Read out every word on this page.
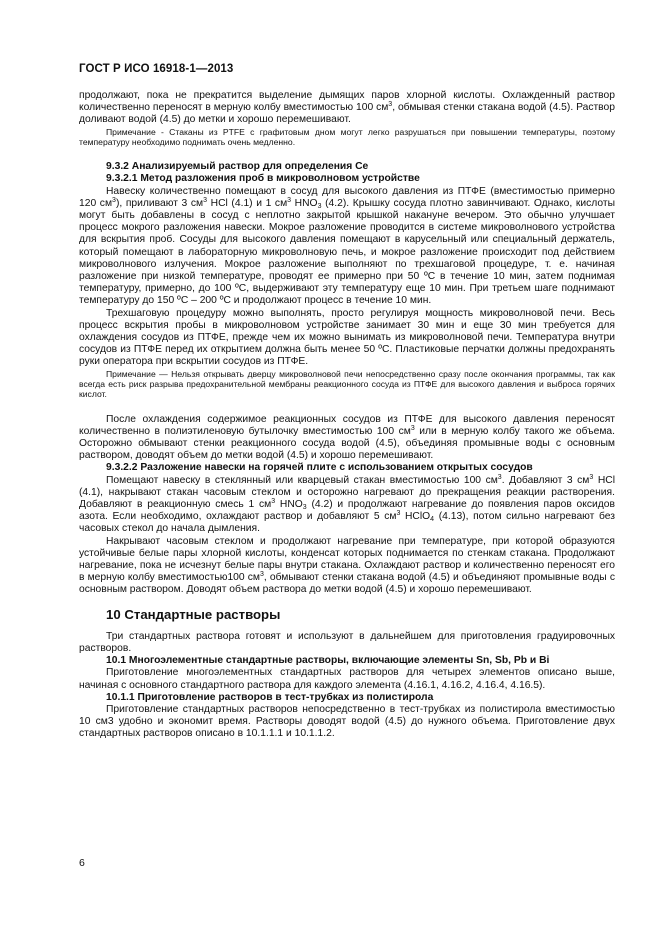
ГОСТ Р ИСО 16918-1—2013

продолжают, пока не прекратится выделение дымящих паров хлорной кислоты. Охлажденный раствор количественно переносят в мерную колбу вместимостью 100 $см^3$, обмывая стенки стакана водой (4.5). Раствор доливают водой (4.5) до метки и хорошо перемешивают.

Примечание - Стаканы из PTFE с графитовым дном могут легко разрушаться при повышении температуры, поэтому температуру необходимо поднимать очень медленно.

9.3.2 Анализируемый раствор для определения Се

9.3.2.1 Метод разложения проб в микроволновом устройстве

Навеску количественно помещают в сосуд для высокого давления из ПТФЕ (вместимостью примерно 120 $см^3$), приливают 3 $см^3$ НCl (4.1) и 1 $см^3$ $HNO_3$ (4.2). Крышку сосуда плотно завинчивают. Однако, кислоты могут быть добавлены в сосуд с неплотно закрытой крышкой накануне вечером. Это обычно улучшает процесс мокрого разложения навески. Мокрое разложение проводится в системе микроволнового устройства для вскрытия проб. Сосуды для высокого давления помещают в карусельный или специальный держатель, который помещают в лабораторную микроволновую печь, и мокрое разложение происходит под действием микроволнового излучения. Мокрое разложение выполняют по трехшаговой процедуре, т. е. начиная разложение при низкой температуре, проводят ее примерно при 50 ºС в течение 10 мин, затем поднимая температуру, примерно, до 100 ºС, выдерживают эту температуру еще 10 мин. При третьем шаге поднимают температуру до 150 ºС – 200 ºС и продолжают процесс в течение 10 мин.

Трехшаговую процедуру можно выполнять, просто регулируя мощность микроволновой печи. Весь процесс вскрытия пробы в микроволновом устройстве занимает 30 мин и еще 30 мин требуется для охлаждения сосудов из ПТФЕ, прежде чем их можно вынимать из микроволновой печи. Температура внутри сосудов из ПТФЕ перед их открытием должна быть менее 50 ºС. Пластиковые перчатки должны предохранять руки оператора при вскрытии сосудов из ПТФЕ.

Примечание — Нельзя открывать дверцу микроволновой печи непосредственно сразу после окончания программы, так как всегда есть риск разрыва предохранительной мембраны реакционного сосуда из ПТФЕ для высокого давления и выброса горячих кислот.

После охлаждения содержимое реакционных сосудов из ПТФЕ для высокого давления переносят количественно в полиэтиленовую бутылочку вместимостью 100 $см^3$ или в мерную колбу такого же объема. Осторожно обмывают стенки реакционного сосуда водой (4.5), объединяя промывные воды с основным раствором, доводят объем до метки водой (4.5) и хорошо перемешивают.

9.3.2.2 Разложение навески на горячей плите с использованием открытых сосудов

Помещают навеску в стеклянный или кварцевый стакан вместимостью 100 $см^3$. Добавляют 3 $см^3$ НCl (4.1), накрывают стакан часовым стеклом и осторожно нагревают до прекращения реакции растворения. Добавляют в реакционную смесь 1 $см^3$ $HNO_3$ (4.2) и продолжают нагревание до появления паров оксидов азота. Если необходимо, охлаждают раствор и добавляют 5 $см^3$ HClO$_4$ (4.13), потом сильно нагревают без часовых стекол до начала дымления.

Накрывают часовым стеклом и продолжают нагревание при температуре, при которой образуются устойчивые белые пары хлорной кислоты, конденсат которых поднимается по стенкам стакана. Продолжают нагревание, пока не исчезнут белые пары внутри стакана. Охлаждают раствор и количественно переносят его в мерную колбу вместимостью100 $см^3$, обмывают стенки стакана водой (4.5) и объединяют промывные воды с основным раствором. Доводят объем раствора до метки водой (4.5) и хорошо перемешивают.

10 Стандартные растворы

Три стандартных раствора готовят и используют в дальнейшем для приготовления градуировочных растворов.

10.1 Многоэлементные стандартные растворы, включающие элементы Sn, Sb, Pb и Bi

Приготовление многоэлементных стандартных растворов для четырех элементов описано выше, начиная с основного стандартного раствора для каждого элемента (4.16.1, 4.16.2, 4.16.4, 4.16.5).

10.1.1 Приготовление растворов в тест-трубках из полистирола

Приготовление стандартных растворов непосредственно в тест-трубках из полистирола вместимостью 10 см3 удобно и экономит время. Растворы доводят водой (4.5) до нужного объема. Приготовление двух стандартных растворов описано в 10.1.1.1 и 10.1.1.2.

6
